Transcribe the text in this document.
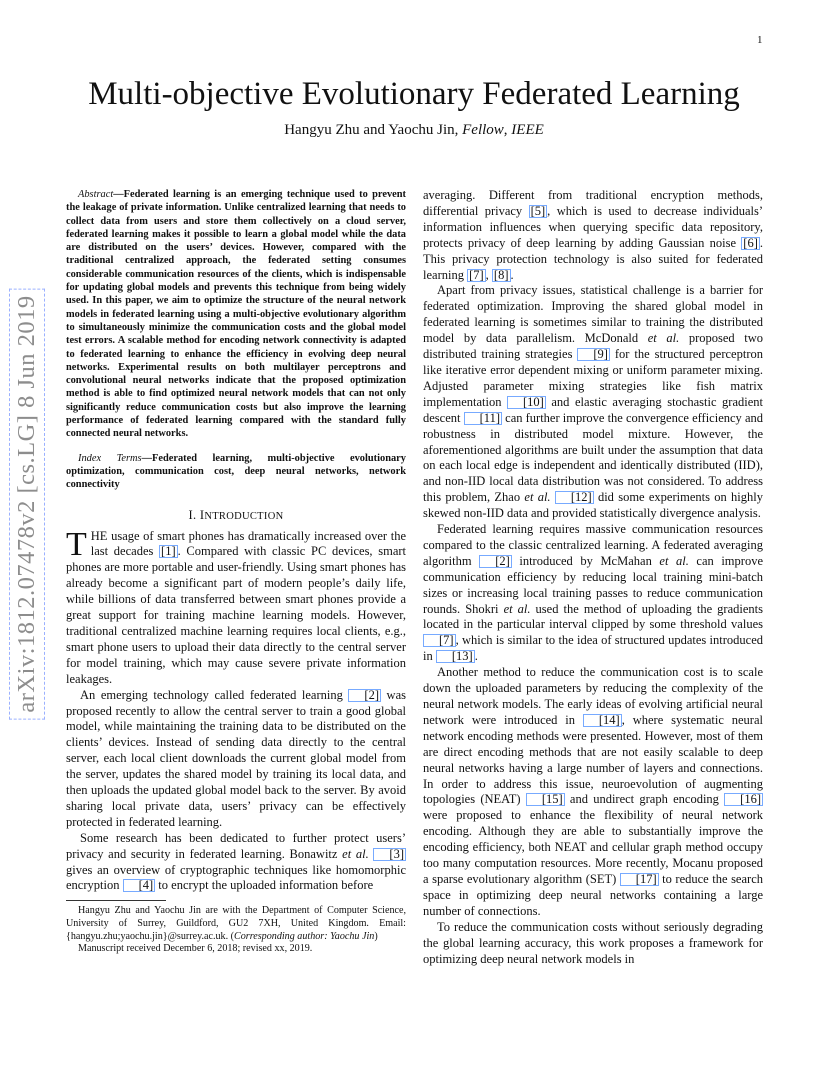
1
Multi-objective Evolutionary Federated Learning
Hangyu Zhu and Yaochu Jin, Fellow, IEEE
arXiv:1812.07478v2 [cs.LG] 8 Jun 2019

Abstract—Federated learning is an emerging technique used to prevent the leakage of private information. Unlike centralized learning that needs to collect data from users and store them collectively on a cloud server, federated learning makes it possible to learn a global model while the data are distributed on the users’ devices. However, compared with the traditional centralized approach, the federated setting consumes considerable communication resources of the clients, which is indispensable for updating global models and prevents this technique from being widely used. In this paper, we aim to optimize the structure of the neural network models in federated learning using a multi-objective evolutionary algorithm to simultaneously minimize the communication costs and the global model test errors. A scalable method for encoding network connectivity is adapted to federated learning to enhance the efficiency in evolving deep neural networks. Experimental results on both multilayer perceptrons and convolutional neural networks indicate that the proposed optimization method is able to find optimized neural network models that can not only significantly reduce communication costs but also improve the learning performance of federated learning compared with the standard fully connected neural networks.

Index Terms—Federated learning, multi-objective evolutionary optimization, communication cost, deep neural networks, network connectivity

I. INTRODUCTION

THE usage of smart phones has dramatically increased over the last decades [1] . Compared with classic PC devices, smart phones are more portable and user-friendly. Using smart phones has already become a significant part of modern people’s daily life, while billions of data transferred between smart phones provide a great support for training machine learning models. However, traditional centralized machine learning requires local clients, e.g., smart phone users to upload their data directly to the central server for model training, which may cause severe private information leakages.

An emerging technology called federated learning [2] was proposed recently to allow the central server to train a good global model, while maintaining the training data to be distributed on the clients’ devices. Instead of sending data directly to the central server, each local client downloads the current global model from the server, updates the shared model by training its local data, and then uploads the updated global model back to the server. By avoid sharing local private data, users’ privacy can be effectively protected in federated learning.

Some research has been dedicated to further protect users’ privacy and security in federated learning. Bonawitz et al. [3] gives an overview of cryptographic techniques like homomorphic encryption [4] to encrypt the uploaded information before

Hangyu Zhu and Yaochu Jin are with the Department of Computer Science, University of Surrey, Guildford, GU2 7XH, United Kingdom. Email: {hangyu.zhu;yaochu.jin}@surrey.ac.uk. (Corresponding author: Yaochu Jin)

Manuscript received December 6, 2018; revised xx, 2019.

averaging. Different from traditional encryption methods, differential privacy [5] , which is used to decrease individuals’ information influences when querying specific data repository, protects privacy of deep learning by adding Gaussian noise [6] . This privacy protection technology is also suited for federated learning [7] , [8] .

Apart from privacy issues, statistical challenge is a barrier for federated optimization. Improving the shared global model in federated learning is sometimes similar to training the distributed model by data parallelism. McDonald et al. proposed two distributed training strategies [9] for the structured perceptron like iterative error dependent mixing or uniform parameter mixing. Adjusted parameter mixing strategies like fish matrix implementation [10] and elastic averaging stochastic gradient descent [11] can further improve the convergence efficiency and robustness in distributed model mixture. However, the aforementioned algorithms are built under the assumption that data on each local edge is independent and identically distributed (IID), and non-IID local data distribution was not considered. To address this problem, Zhao et al. [12] did some experiments on highly skewed non-IID data and provided statistically divergence analysis.

Federated learning requires massive communication resources compared to the classic centralized learning. A federated averaging algorithm [2] introduced by McMahan et al. can improve communication efficiency by reducing local training mini-batch sizes or increasing local training passes to reduce communication rounds. Shokri et al. used the method of uploading the gradients located in the particular interval clipped by some threshold values [7] , which is similar to the idea of structured updates introduced in [13] .

Another method to reduce the communication cost is to scale down the uploaded parameters by reducing the complexity of the neural network models. The early ideas of evolving artificial neural network were introduced in [14] , where systematic neural network encoding methods were presented. However, most of them are direct encoding methods that are not easily scalable to deep neural networks having a large number of layers and connections. In order to address this issue, neuroevolution of augmenting topologies (NEAT) [15] and undirect graph encoding [16] were proposed to enhance the flexibility of neural network encoding. Although they are able to substantially improve the encoding efficiency, both NEAT and cellular graph method occupy too many computation resources. More recently, Mocanu proposed a sparse evolutionary algorithm (SET) [17] to reduce the search space in optimizing deep neural networks containing a large number of connections.

To reduce the communication costs without seriously degrading the global learning accuracy, this work proposes a framework for optimizing deep neural network models in
